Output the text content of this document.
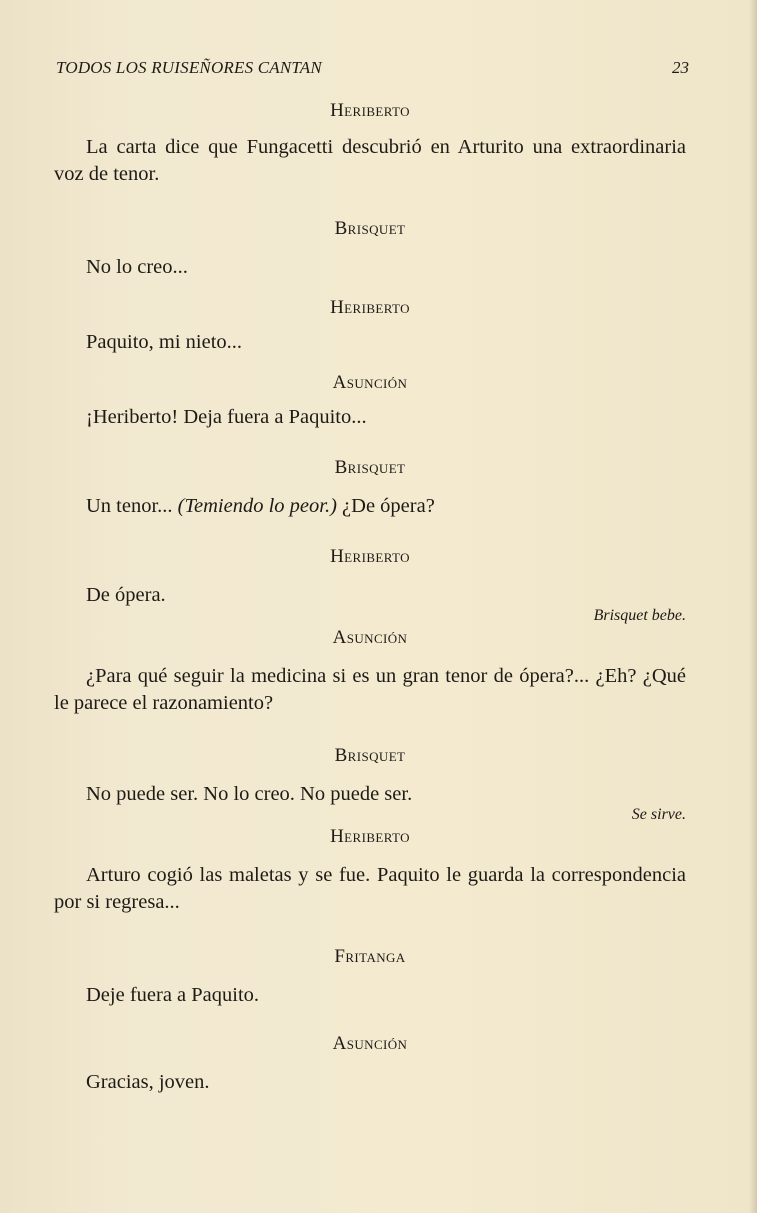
TODOS LOS RUISEÑORES CANTAN	23

Heriberto

La carta dice que Fungacetti descubrió en Arturito una extraordinaria voz de tenor.

Brisquet

No lo creo...

Heriberto

Paquito, mi nieto...

Asunción

¡Heriberto! Deja fuera a Paquito...

Brisquet

Un tenor... (Temiendo lo peor.) ¿De ópera?

Heriberto

De ópera.

Brisquet bebe.

Asunción

¿Para qué seguir la medicina si es un gran tenor de ópera?... ¿Eh? ¿Qué le parece el razonamiento?

Brisquet

No puede ser. No lo creo. No puede ser.

Se sirve.

Heriberto

Arturo cogió las maletas y se fue. Paquito le guarda la correspondencia por si regresa...

Fritanga

Deje fuera a Paquito.

Asunción

Gracias, joven.
